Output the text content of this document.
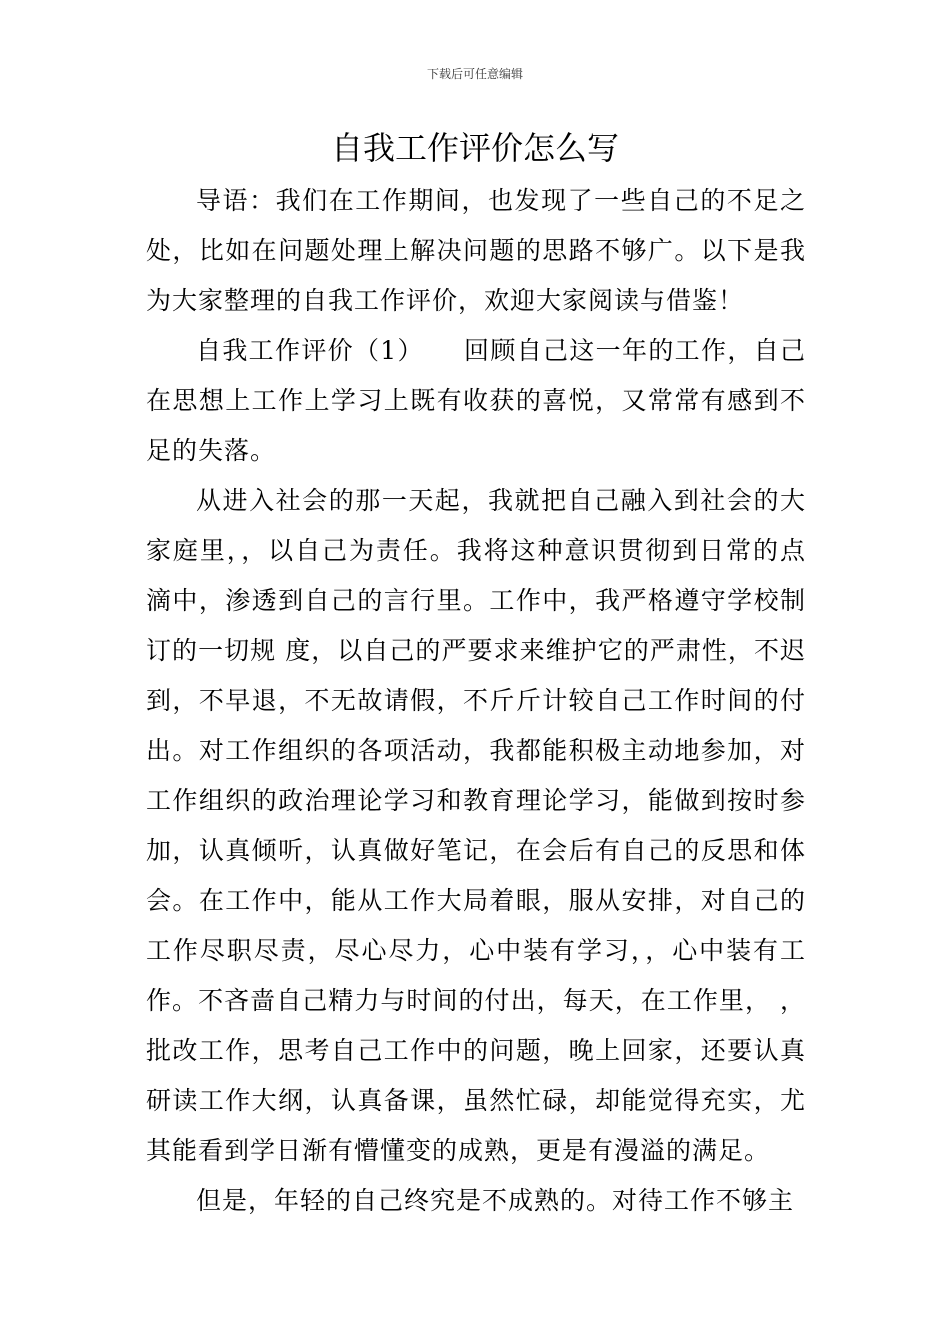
下载后可任意编辑
自我工作评价怎么写

导语：我们在工作期间，也发现了一些自己的不足之处，比如在问题处理上解决问题的思路不够广。以下是我为大家整理的自我工作评价，欢迎大家阅读与借鉴！

自我工作评价（1）　　回顾自己这一年的工作，自己在思想上工作上学习上既有收获的喜悦，又常常有感到不足的失落。

从进入社会的那一天起，我就把自己融入到社会的大家庭里，，以自己为责任。我将这种意识贯彻到日常的点滴中，渗透到自己的言行里。工作中，我严格遵守学校制订的一切规 度，以自己的严要求来维护它的严肃性，不迟到，不早退，不无故请假，不斤斤计较自己工作时间的付出。对工作组织的各项活动，我都能积极主动地参加，对工作组织的政治理论学习和教育理论学习，能做到按时参加，认真倾听，认真做好笔记，在会后有自己的反思和体会。在工作中，能从工作大局着眼，服从安排，对自己的工作尽职尽责，尽心尽力，心中装有学习，，心中装有工作。不吝啬自己精力与时间的付出，每天，在工作里， ，批改工作，思考自己工作中的问题，晚上回家，还要认真研读工作大纲，认真备课，虽然忙碌，却能觉得充实，尤其能看到学日渐有懵懂变的成熟，更是有漫溢的满足。

但是，年轻的自己终究是不成熟的。对待工作不够主
